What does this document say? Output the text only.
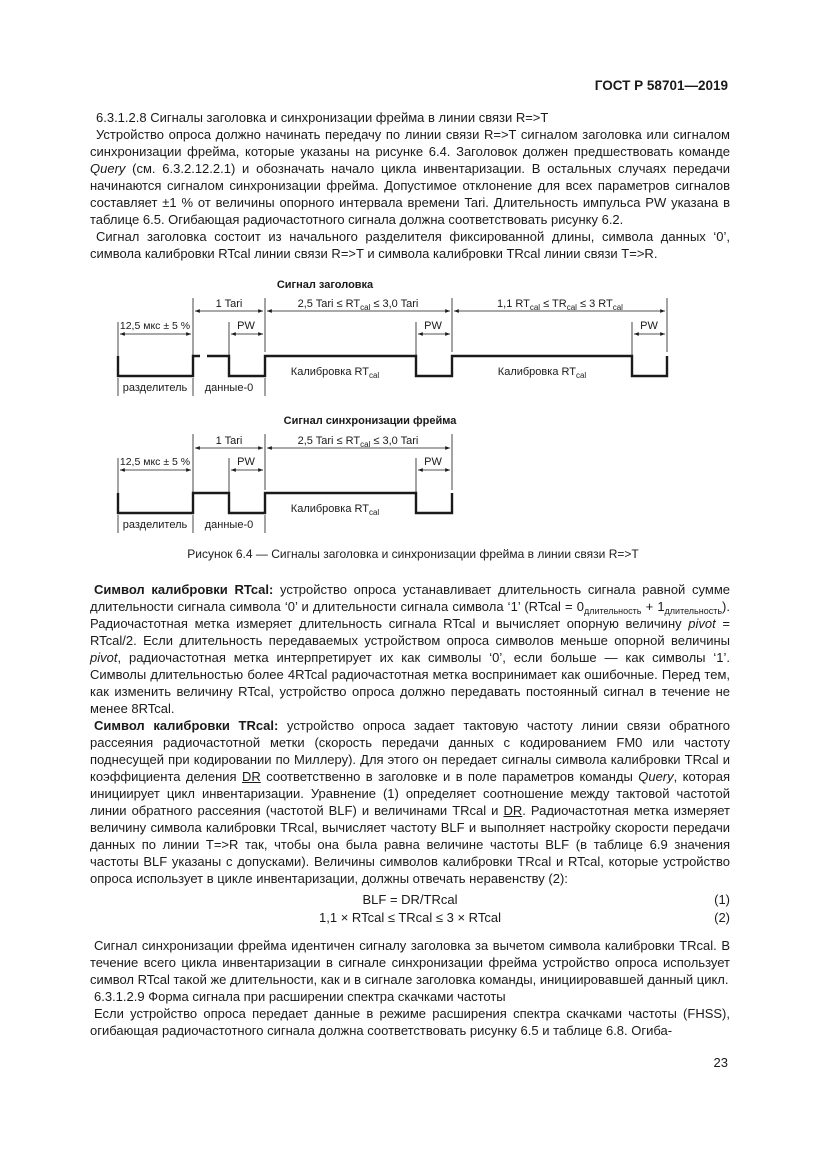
ГОСТ Р 58701—2019

6.3.1.2.8 Сигналы заголовка и синхронизации фрейма в линии связи R=>T

Устройство опроса должно начинать передачу по линии связи R=>T сигналом заголовка или сигналом синхронизации фрейма, которые указаны на рисунке 6.4. Заголовок должен предшествовать команде Query (см. 6.3.2.12.2.1) и обозначать начало цикла инвентаризации. В остальных случаях передачи начинаются сигналом синхронизации фрейма. Допустимое отклонение для всех параметров сигналов составляет ±1 % от величины опорного интервала времени Tari. Длительность импульса PW указана в таблице 6.5. Огибающая радиочастотного сигнала должна соответствовать рисунку 6.2.

Сигнал заголовка состоит из начального разделителя фиксированной длины, символа данных ‘0’, символа калибровки RTcal линии связи R=>T и символа калибровки TRcal линии связи T=>R.

Сигнал заголовка
1 Tari	2,5 Tari ≤ $RT_{cal} \le 3,0$ Tari	1,1 $RT_{cal} \le TR_{cal} \le 3$ $RT_{cal}$
12,5 мкс ± 5 %	PW	PW	PW
разделитель данные-0
Калибровка $RT_{cal}$	Калибровка $RT_{cal}$
Сигнал синхронизации фрейма
1 Tari	2,5 Tari ≤ $RT_{cal} \le 3,0$ Tari
12,5 мкс ± 5 %	PW	PW
разделитель данные-0
Калибровка $RT_{cal}$
Рисунок 6.4 — Сигналы заголовка и синхронизации фрейма в линии связи R=>T

Символ калибровки RTcal: устройство опроса устанавливает длительность сигнала равной сумме длительности сигнала символа ‘0’ и длительности сигнала символа ‘1’ (RTcal = $0_{длительность} + 1_{длительность}$). Радиочастотная метка измеряет длительность сигнала RTcal и вычисляет опорную величину pivot = RTcal/2. Если длительность передаваемых устройством опроса символов меньше опорной величины pivot, радиочастотная метка интерпретирует их как символы ‘0’, если больше — как символы ‘1’. Символы длительностью более 4RTcal радиочастотная метка воспринимает как ошибочные. Перед тем, как изменить величину RTcal, устройство опроса должно передавать постоянный сигнал в течение не менее 8RTcal.

Символ калибровки TRcal: устройство опроса задает тактовую частоту линии связи обратного рассеяния радиочастотной метки (скорость передачи данных с кодированием FM0 или частоту поднесущей при кодировании по Миллеру). Для этого он передает сигналы символа калибровки TRcal и коэффициента деления DR соответственно в заголовке и в поле параметров команды Query, которая инициирует цикл инвентаризации. Уравнение (1) определяет соотношение между тактовой частотой линии обратного рассеяния (частотой BLF) и величинами TRcal и DR. Радиочастотная метка измеряет величину символа калибровки TRcal, вычисляет частоту BLF и выполняет настройку скорости передачи данных по линии T=>R так, чтобы она была равна величине частоты BLF (в таблице 6.9 значения частоты BLF указаны с допусками). Величины символов калибровки TRcal и RTcal, которые устройство опроса использует в цикле инвентаризации, должны отвечать неравенству (2):

BLF = DR/TRcal	(1)
1,1 × RTcal ≤ TRcal ≤ 3 × RTcal	(2)

Сигнал синхронизации фрейма идентичен сигналу заголовка за вычетом символа калибровки TRcal. В течение всего цикла инвентаризации в сигнале синхронизации фрейма устройство опроса использует символ RTcal такой же длительности, как и в сигнале заголовка команды, инициировавшей данный цикл.

6.3.1.2.9 Форма сигнала при расширении спектра скачками частоты

Если устройство опроса передает данные в режиме расширения спектра скачками частоты (FHSS), огибающая радиочастотного сигнала должна соответствовать рисунку 6.5 и таблице 6.8. Огиба-

23
